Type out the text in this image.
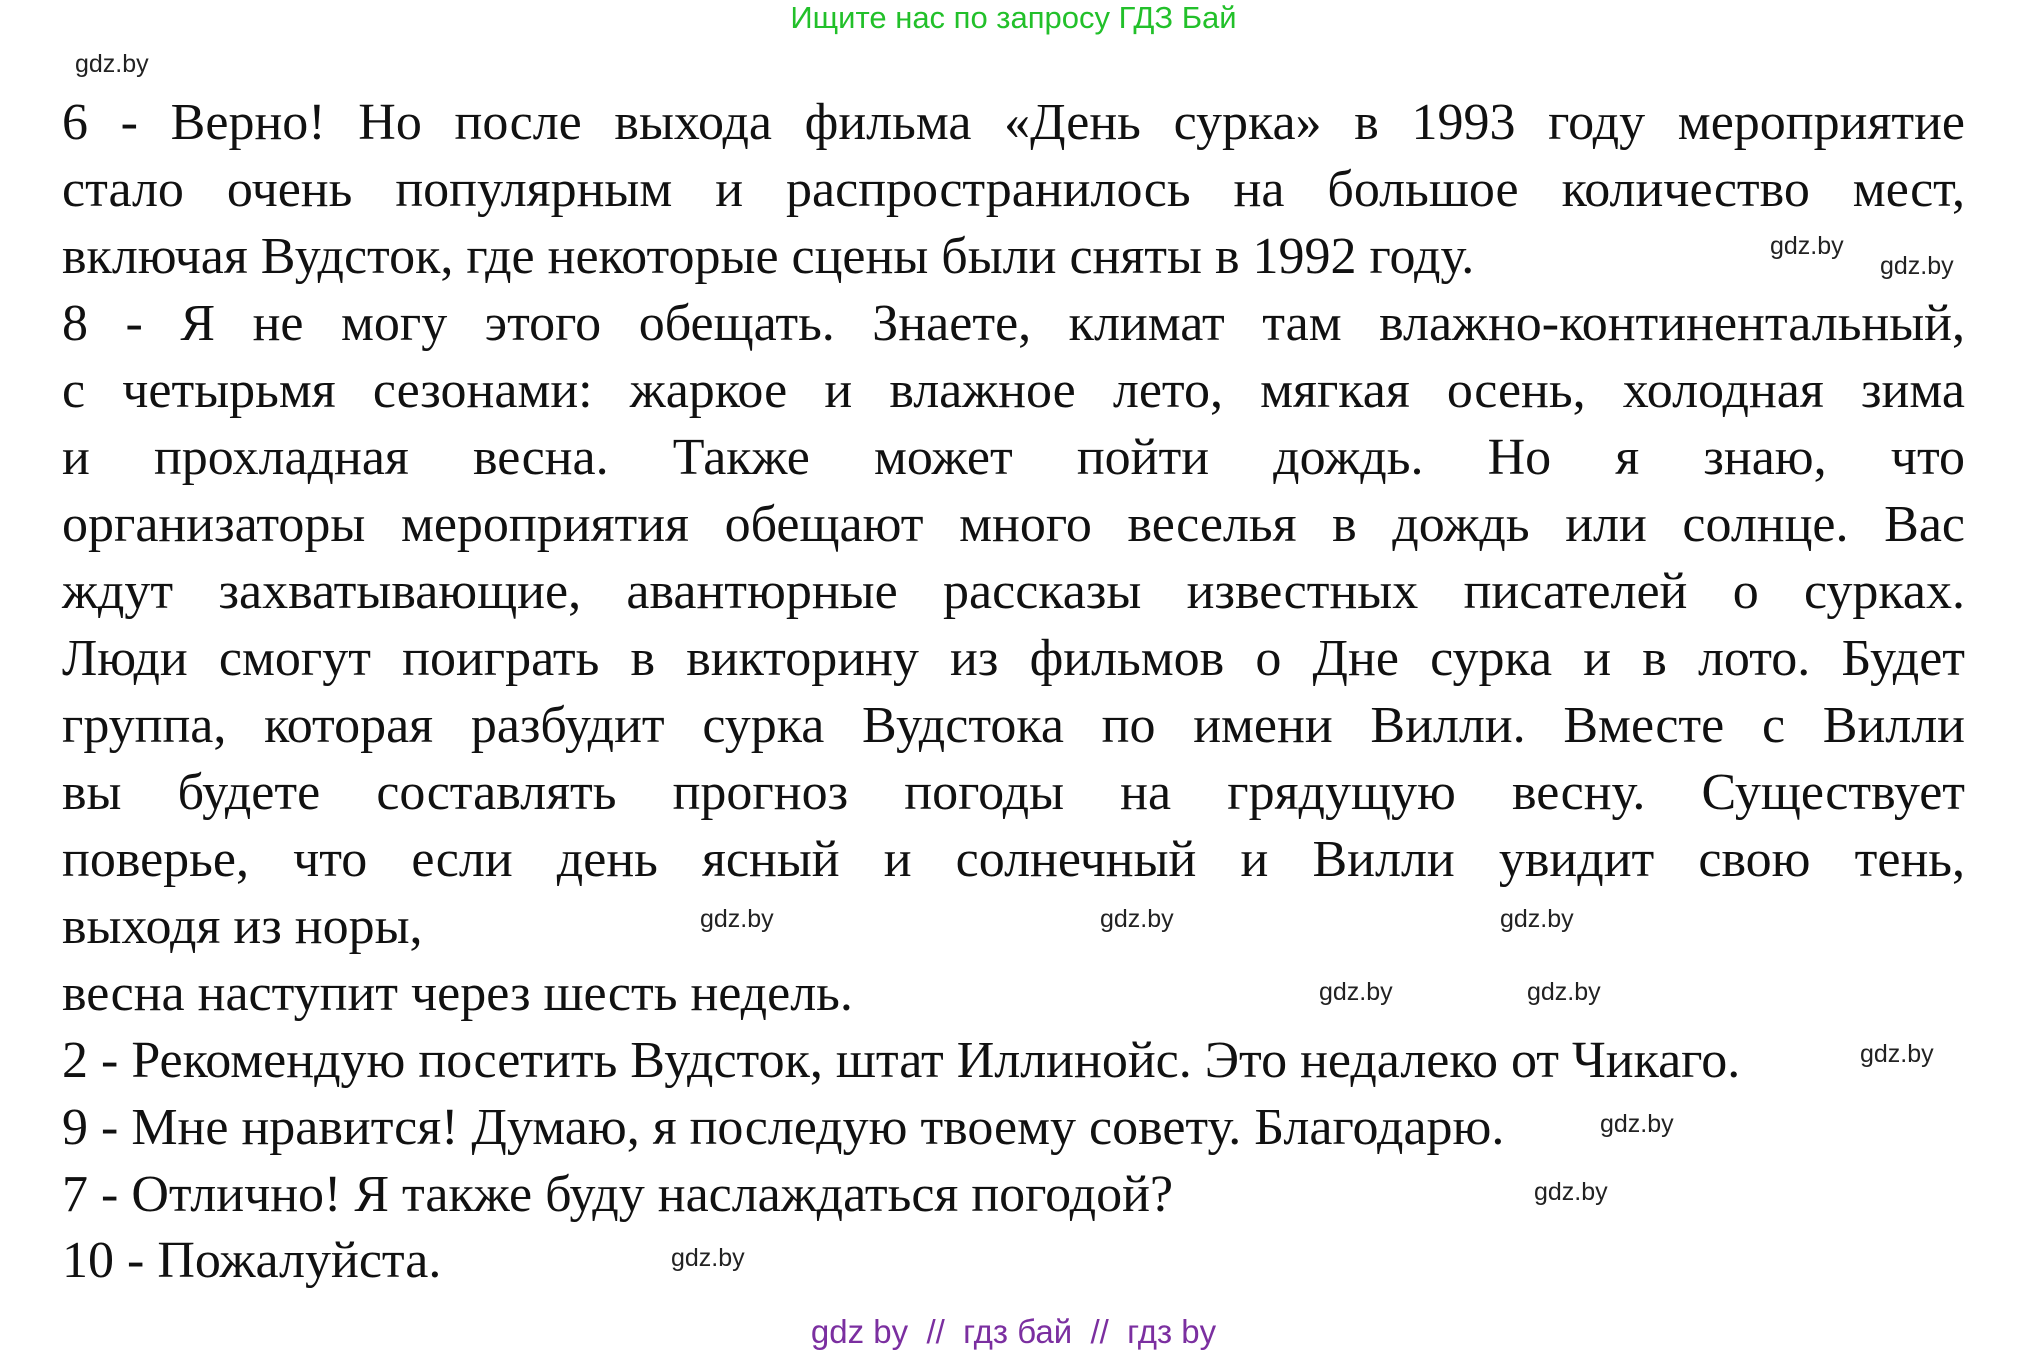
Ищите нас по запросу ГДЗ Бай
6 - Верно! Но после выхода фильма «День сурка» в 1993 году мероприятие
стало очень популярным и распространилось на большое количество мест,
включая Вудсток, где некоторые сцены были сняты в 1992 году.
8 - Я не могу этого обещать. Знаете, климат там влажно-континентальный,
с четырьмя сезонами: жаркое и влажное лето, мягкая осень, холодная зима
и прохладная весна. Также может пойти дождь. Но я знаю, что
организаторы мероприятия обещают много веселья в дождь или солнце. Вас
ждут захватывающие, авантюрные рассказы известных писателей о сурках.
Люди смогут поиграть в викторину из фильмов о Дне сурка и в лото. Будет
группа, которая разбудит сурка Вудстока по имени Вилли. Вместе с Вилли
вы будете составлять прогноз погоды на грядущую весну. Существует
поверье, что если день ясный и солнечный и Вилли увидит свою тень,
выходя из норы,
весна наступит через шесть недель.
2 - Рекомендую посетить Вудсток, штат Иллинойс. Это недалеко от Чикаго.
9 - Мне нравится! Думаю, я последую твоему совету. Благодарю.
7 - Отлично! Я также буду наслаждаться погодой?
10 - Пожалуйста.
gdz.by
gdz.by
gdz.by
gdz.by	gdz.by	gdz.by
gdz.by
gdz.by
gdz.by
gdz.by
gdz.by
gdz.by
gdz by  //  гдз бай  //  гдз by
